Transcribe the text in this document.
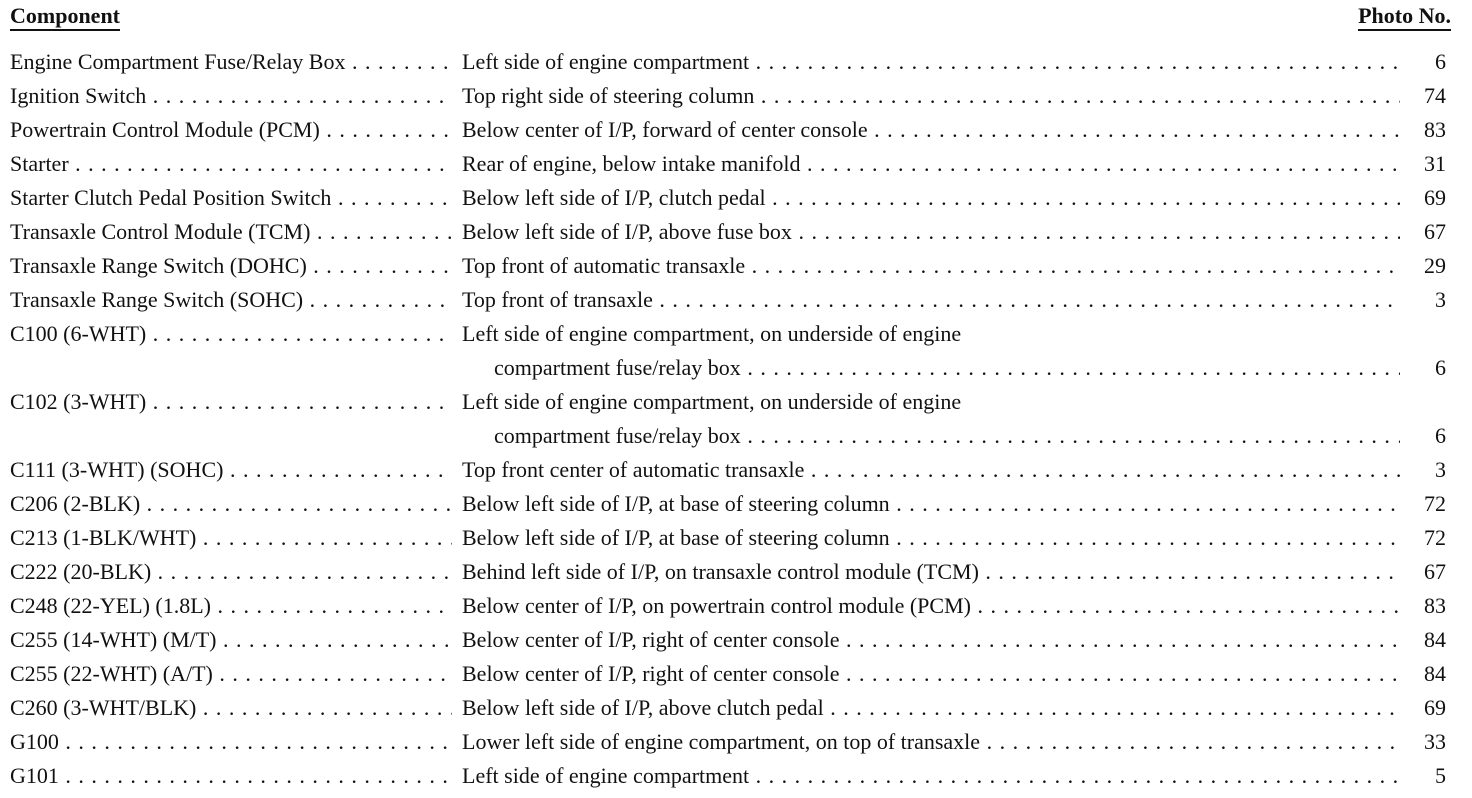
Component	Photo No.
Engine Compartment Fuse/Relay Box . . .	Left side of engine compartment . . .	6
Ignition Switch . . .	Top right side of steering column . . .	74
Powertrain Control Module (PCM) . . .	Below center of I/P, forward of center console . . .	83
Starter . . .	Rear of engine, below intake manifold . . .	31
Starter Clutch Pedal Position Switch . . .	Below left side of I/P, clutch pedal . . .	69
Transaxle Control Module (TCM) . . .	Below left side of I/P, above fuse box . . .	67
Transaxle Range Switch (DOHC) . . .	Top front of automatic transaxle . . .	29
Transaxle Range Switch (SOHC) . . .	Top front of transaxle . . .	3
C100 (6-WHT) . . .	Left side of engine compartment, on underside of engine
compartment fuse/relay box . . .	6
C102 (3-WHT) . . .	Left side of engine compartment, on underside of engine
compartment fuse/relay box . . .	6
C111 (3-WHT) (SOHC) . . .	Top front center of automatic transaxle . . .	3
C206 (2-BLK) . . .	Below left side of I/P, at base of steering column . . .	72
C213 (1-BLK/WHT) . . .	Below left side of I/P, at base of steering column . . .	72
C222 (20-BLK) . . .	Behind left side of I/P, on transaxle control module (TCM) . . .	67
C248 (22-YEL) (1.8L) . . .	Below center of I/P, on powertrain control module (PCM) . . .	83
C255 (14-WHT) (M/T) . . .	Below center of I/P, right of center console . . .	84
C255 (22-WHT) (A/T) . . .	Below center of I/P, right of center console . . .	84
C260 (3-WHT/BLK) . . .	Below left side of I/P, above clutch pedal . . .	69
G100 . . .	Lower left side of engine compartment, on top of transaxle . . .	33
G101 . . .	Left side of engine compartment . . .	5
